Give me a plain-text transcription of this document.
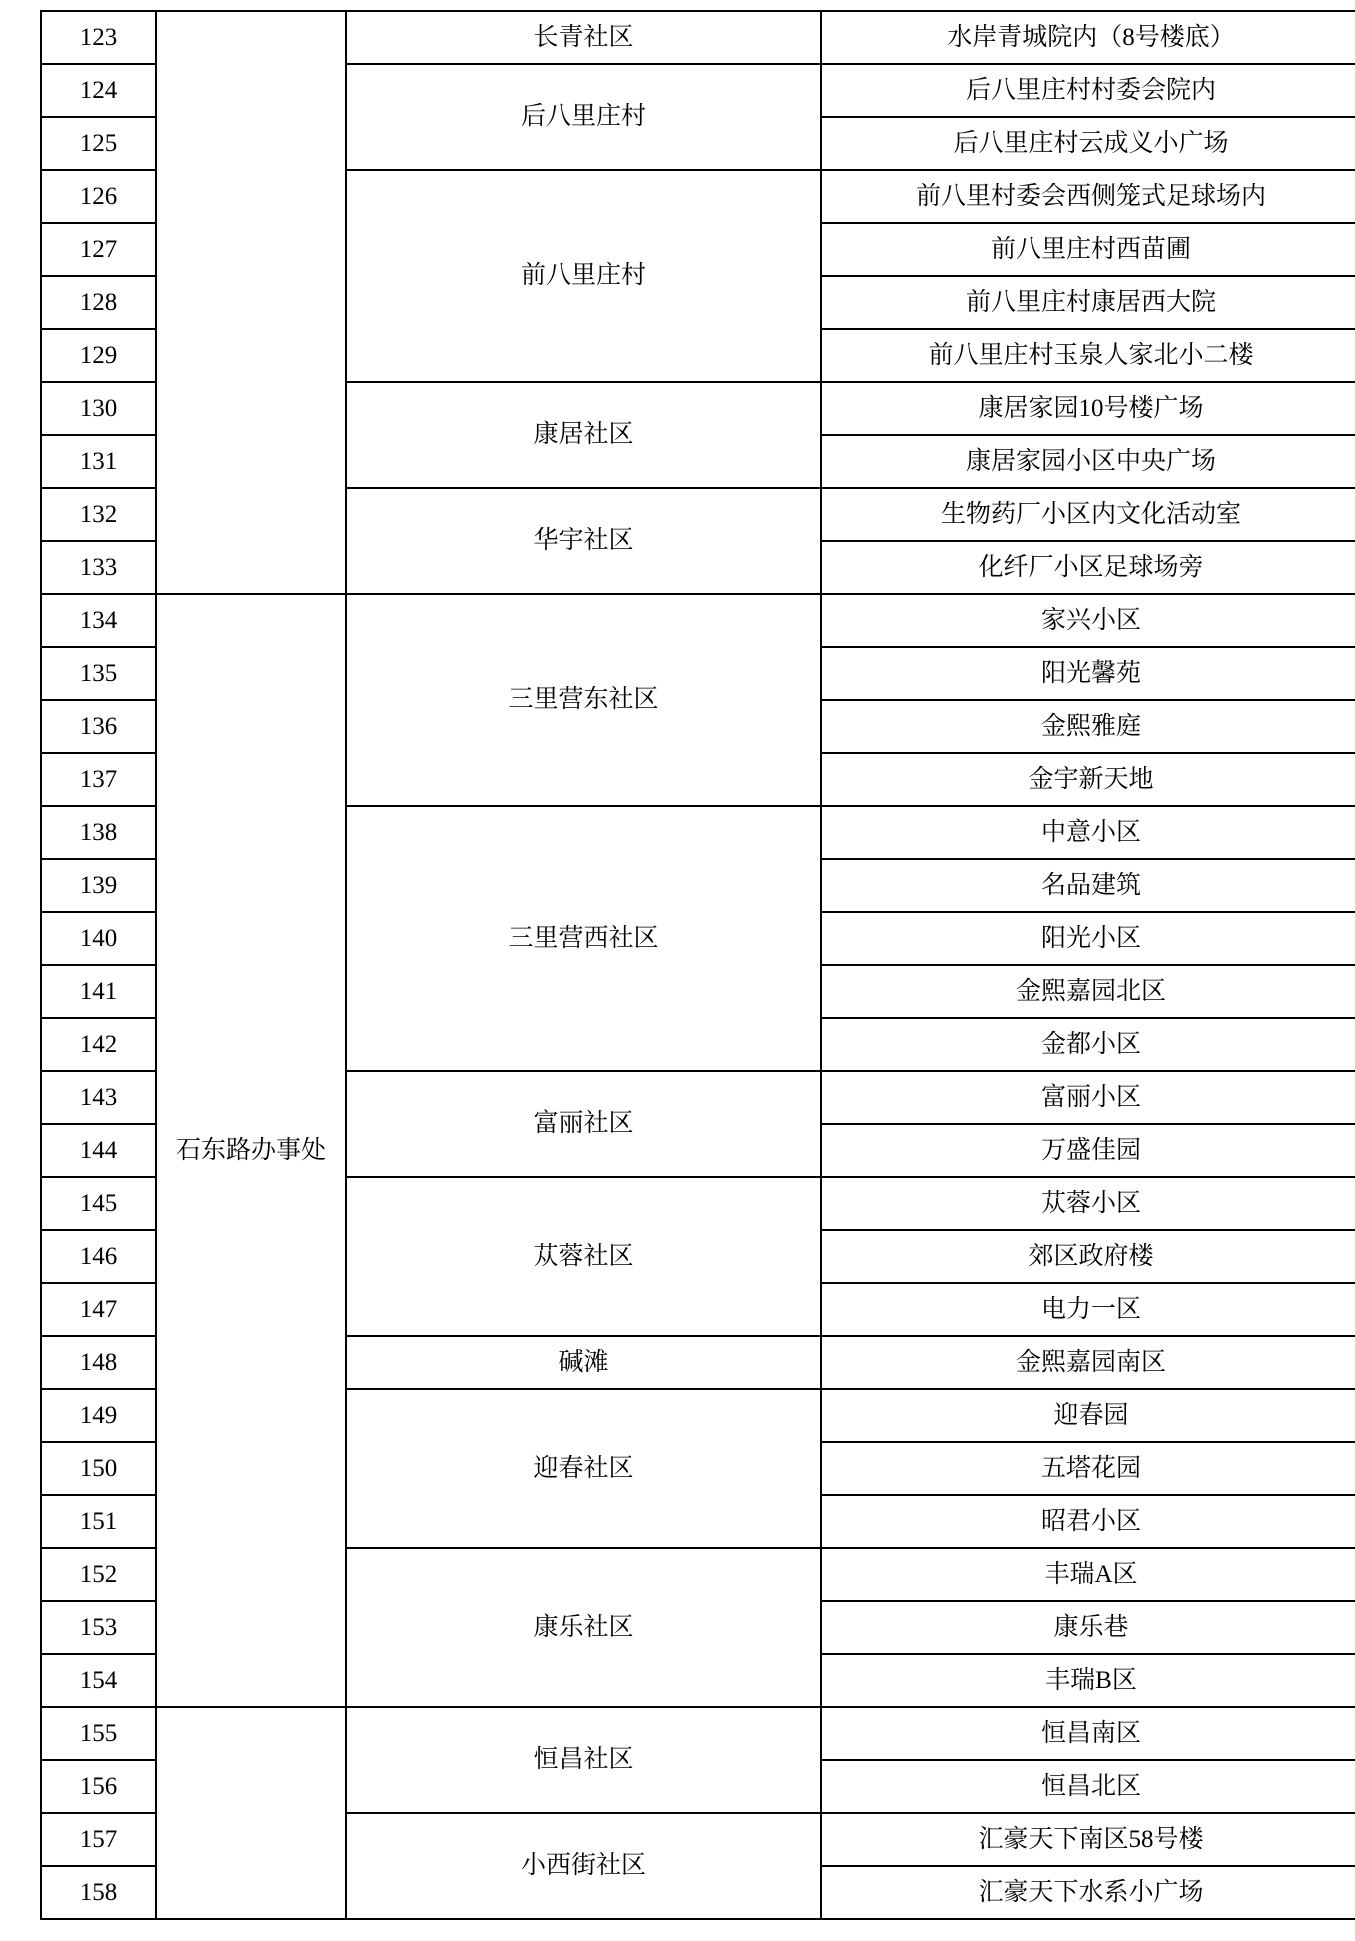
123		长青社区	水岸青城院内（8号楼底）
124		后八里庄村	后八里庄村村委会院内
125			后八里庄村云成义小广场
126		前八里庄村	前八里村委会西侧笼式足球场内
127			前八里庄村西苗圃
128			前八里庄村康居西大院
129			前八里庄村玉泉人家北小二楼
130		康居社区	康居家园10号楼广场
131			康居家园小区中央广场
132		华宇社区	生物药厂小区内文化活动室
133			化纤厂小区足球场旁
134	石东路办事处	三里营东社区	家兴小区
135			阳光馨苑
136			金熙雅庭
137			金宇新天地
138		三里营西社区	中意小区
139			名品建筑
140			阳光小区
141			金熙嘉园北区
142			金都小区
143		富丽社区	富丽小区
144			万盛佳园
145		苁蓉社区	苁蓉小区
146			郊区政府楼
147			电力一区
148		碱滩	金熙嘉园南区
149		迎春社区	迎春园
150			五塔花园
151			昭君小区
152		康乐社区	丰瑞A区
153			康乐巷
154			丰瑞B区
155		恒昌社区	恒昌南区
156			恒昌北区
157		小西街社区	汇豪天下南区58号楼
158			汇豪天下水系小广场
